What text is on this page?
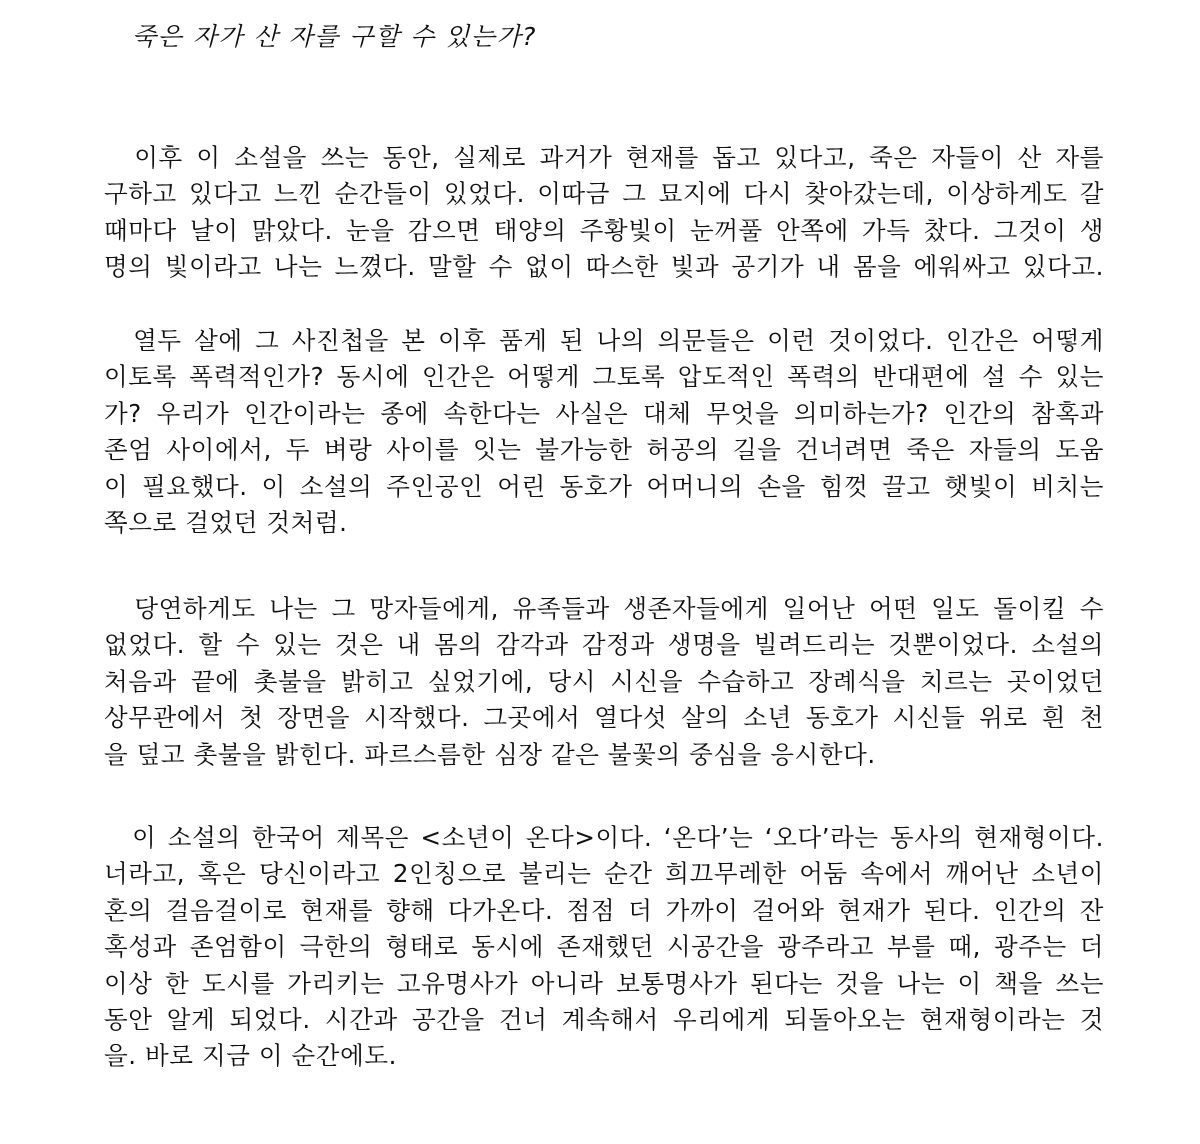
죽은 자가 산 자를 구할 수 있는가?
　이후 이 소설을 쓰는 동안, 실제로 과거가 현재를 돕고 있다고, 죽은 자들이 산 자를
구하고 있다고 느낀 순간들이 있었다. 이따금 그 묘지에 다시 찾아갔는데, 이상하게도 갈
때마다 날이 맑았다. 눈을 감으면 태양의 주황빛이 눈꺼풀 안쪽에 가득 찼다. 그것이 생
명의 빛이라고 나는 느꼈다. 말할 수 없이 따스한 빛과 공기가 내 몸을 에워싸고 있다고.
　열두 살에 그 사진첩을 본 이후 품게 된 나의 의문들은 이런 것이었다. 인간은 어떻게
이토록 폭력적인가? 동시에 인간은 어떻게 그토록 압도적인 폭력의 반대편에 설 수 있는
가? 우리가 인간이라는 종에 속한다는 사실은 대체 무엇을 의미하는가? 인간의 참혹과
존엄 사이에서, 두 벼랑 사이를 잇는 불가능한 허공의 길을 건너려면 죽은 자들의 도움
이 필요했다. 이 소설의 주인공인 어린 동호가 어머니의 손을 힘껏 끌고 햇빛이 비치는
쪽으로 걸었던 것처럼.
　당연하게도 나는 그 망자들에게, 유족들과 생존자들에게 일어난 어떤 일도 돌이킬 수
없었다. 할 수 있는 것은 내 몸의 감각과 감정과 생명을 빌려드리는 것뿐이었다. 소설의
처음과 끝에 촛불을 밝히고 싶었기에, 당시 시신을 수습하고 장례식을 치르는 곳이었던
상무관에서 첫 장면을 시작했다. 그곳에서 열다섯 살의 소년 동호가 시신들 위로 흰 천
을 덮고 촛불을 밝힌다. 파르스름한 심장 같은 불꽃의 중심을 응시한다.
　이 소설의 한국어 제목은 <소년이 온다>이다. ‘온다’는 ‘오다’라는 동사의 현재형이다.
너라고, 혹은 당신이라고 2인칭으로 불리는 순간 희끄무레한 어둠 속에서 깨어난 소년이
혼의 걸음걸이로 현재를 향해 다가온다. 점점 더 가까이 걸어와 현재가 된다. 인간의 잔
혹성과 존엄함이 극한의 형태로 동시에 존재했던 시공간을 광주라고 부를 때, 광주는 더
이상 한 도시를 가리키는 고유명사가 아니라 보통명사가 된다는 것을 나는 이 책을 쓰는
동안 알게 되었다. 시간과 공간을 건너 계속해서 우리에게 되돌아오는 현재형이라는 것
을. 바로 지금 이 순간에도.
